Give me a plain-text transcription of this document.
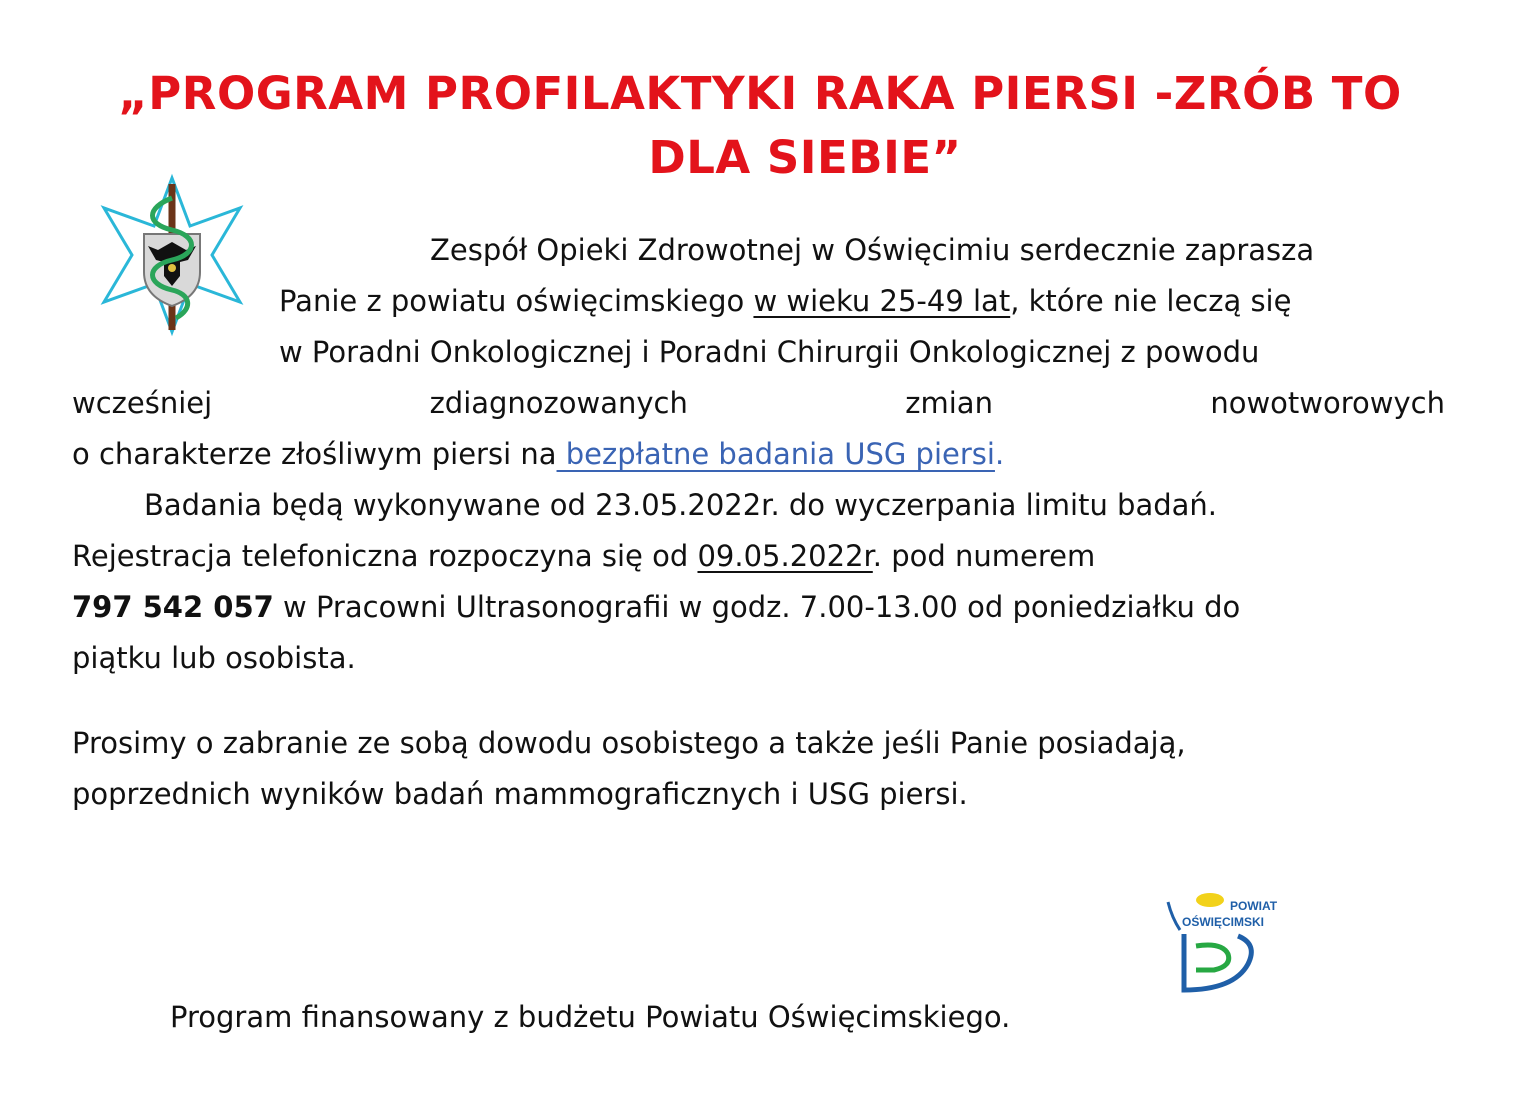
„PROGRAM PROFILAKTYKI RAKA PIERSI -ZRÓB TO
DLA SIEBIE”
Zespół Opieki Zdrowotnej w Oświęcimiu serdecznie zaprasza
Panie z powiatu oświęcimskiego w wieku 25-49 lat, które nie leczą się
w Poradni Onkologicznej i Poradni Chirurgii Onkologicznej z powodu
wcześniej	zdiagnozowanych	zmian	nowotworowych
o charakterze złośliwym piersi na bezpłatne badania USG piersi.
Badania będą wykonywane od 23.05.2022r. do wyczerpania limitu badań.
Rejestracja telefoniczna rozpoczyna się od 09.05.2022r. pod numerem
797 542 057 w Pracowni Ultrasonografii w godz. 7.00-13.00 od poniedziałku do
piątku lub osobista.
Prosimy o zabranie ze sobą dowodu osobistego a także jeśli Panie posiadają,
poprzednich wyników badań mammograficznych i USG piersi.
POWIAT
OŚWIĘCIMSKI
Program finansowany z budżetu Powiatu Oświęcimskiego.
